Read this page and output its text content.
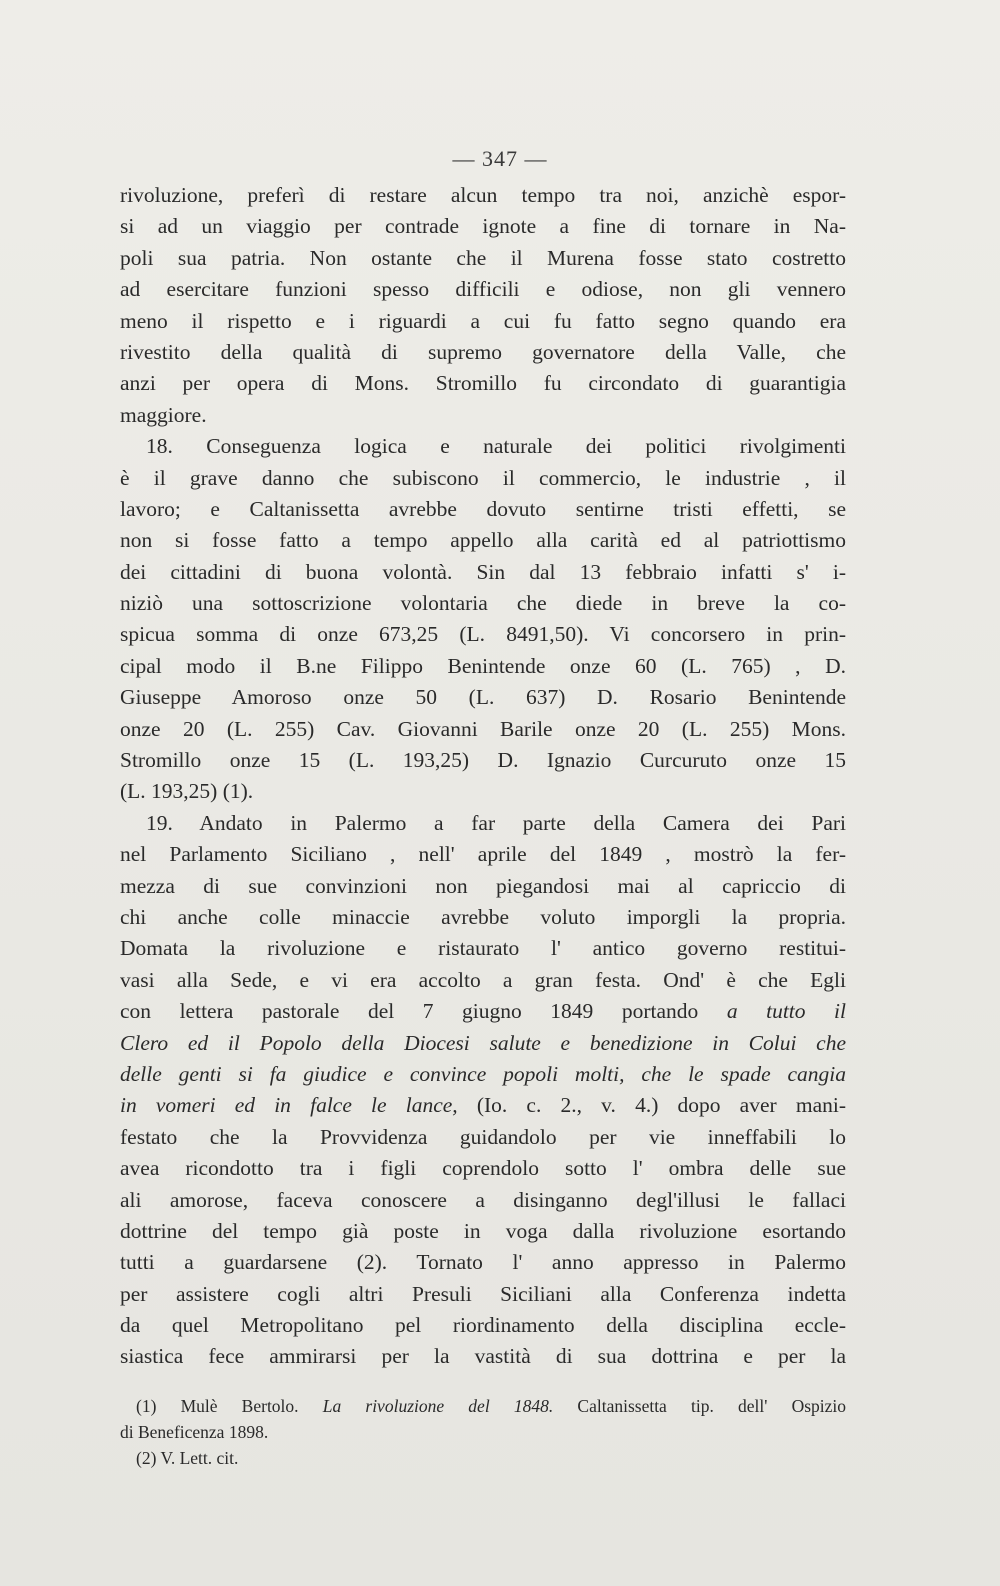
— 347 —
rivoluzione, preferì di restare alcun tempo tra noi, anzichè espor-
si ad un viaggio per contrade ignote a fine di tornare in Na-
poli sua patria. Non ostante che il Murena fosse stato costretto
ad esercitare funzioni spesso difficili e odiose, non gli vennero
meno il rispetto e i riguardi a cui fu fatto segno quando era
rivestito della qualità di supremo governatore della Valle, che
anzi per opera di Mons. Stromillo fu circondato di guarantigia
maggiore.
18. Conseguenza logica e naturale dei politici rivolgimenti
è il grave danno che subiscono il commercio, le industrie , il
lavoro; e Caltanissetta avrebbe dovuto sentirne tristi effetti, se
non si fosse fatto a tempo appello alla carità ed al patriottismo
dei cittadini di buona volontà. Sin dal 13 febbraio infatti s' i-
niziò una sottoscrizione volontaria che diede in breve la co-
spicua somma di onze 673,25 (L. 8491,50). Vi concorsero in prin-
cipal modo il B.ne Filippo Benintende onze 60 (L. 765) , D.
Giuseppe Amoroso onze 50 (L. 637) D. Rosario Benintende
onze 20 (L. 255) Cav. Giovanni Barile onze 20 (L. 255) Mons.
Stromillo onze 15 (L. 193,25) D. Ignazio Curcuruto onze 15
(L. 193,25) (1).
19. Andato in Palermo a far parte della Camera dei Pari
nel Parlamento Siciliano , nell' aprile del 1849 , mostrò la fer-
mezza di sue convinzioni non piegandosi mai al capriccio di
chi anche colle minaccie avrebbe voluto imporgli la propria.
Domata la rivoluzione e ristaurato l' antico governo restitui-
vasi alla Sede, e vi era accolto a gran festa. Ond' è che Egli
con lettera pastorale del 7 giugno 1849 portando a tutto il
Clero ed il Popolo della Diocesi salute e benedizione in Colui che
delle genti si fa giudice e convince popoli molti, che le spade cangia
in vomeri ed in falce le lance, (Io. c. 2., v. 4.) dopo aver mani-
festato che la Provvidenza guidandolo per vie inneffabili lo
avea ricondotto tra i figli coprendolo sotto l' ombra delle sue
ali amorose, faceva conoscere a disinganno degl'illusi le fallaci
dottrine del tempo già poste in voga dalla rivoluzione esortando
tutti a guardarsene (2). Tornato l' anno appresso in Palermo
per assistere cogli altri Presuli Siciliani alla Conferenza indetta
da quel Metropolitano pel riordinamento della disciplina eccle-
siastica fece ammirarsi per la vastità di sua dottrina e per la
(1) Mulè Bertolo. La rivoluzione del 1848. Caltanissetta tip. dell' Ospizio
di Beneficenza 1898.
(2) V. Lett. cit.
